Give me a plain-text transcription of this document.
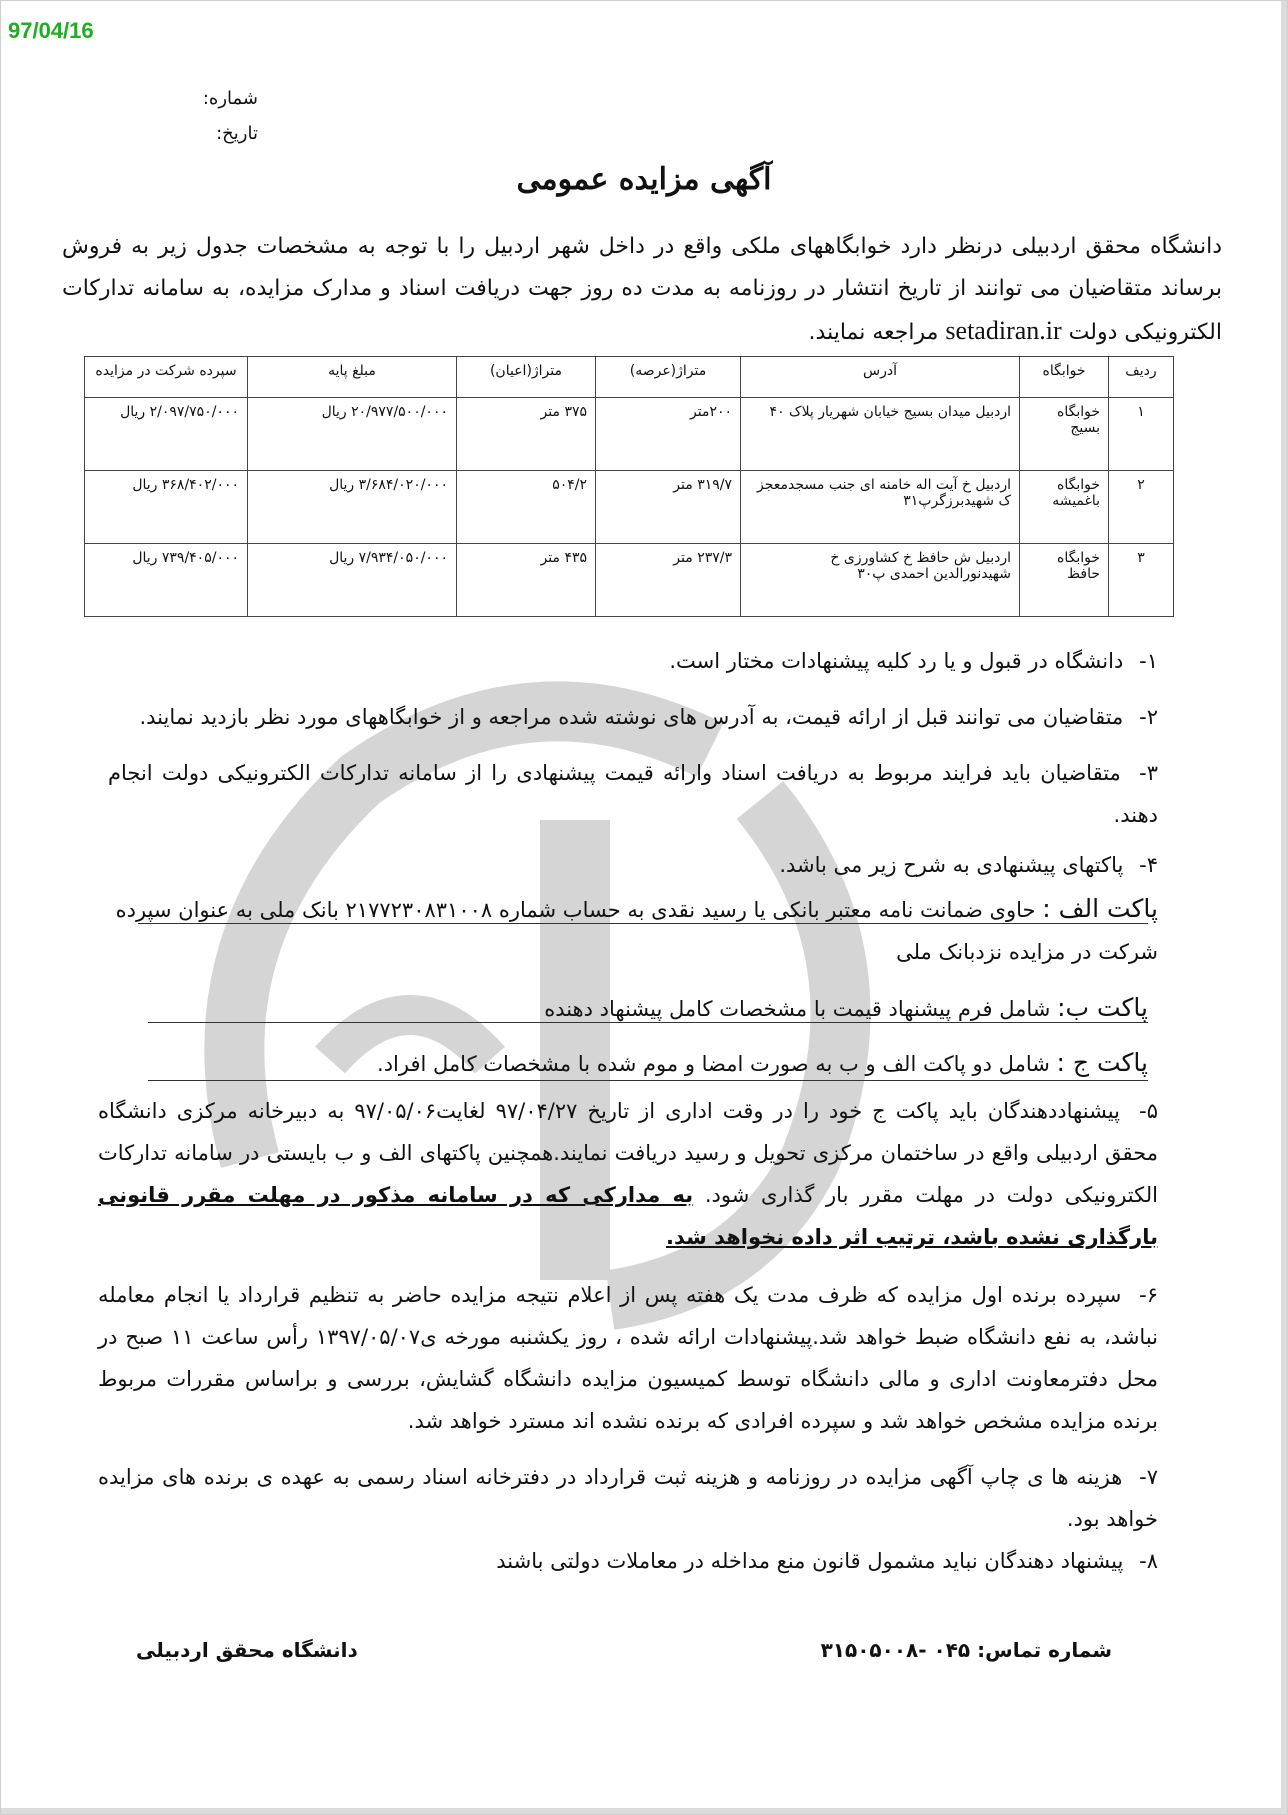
97/04/16
شماره:
تاریخ:
آگهی مزایده عمومی
دانشگاه محقق اردبیلی درنظر دارد خوابگاههای ملکی واقع در داخل شهر اردبیل را با توجه به مشخصات جدول زیر به فروش برساند متقاضیان می توانند از تاریخ انتشار در روزنامه به مدت ده روز جهت دریافت اسناد و مدارک مزایده، به سامانه تدارکات الکترونیکی دولت setadiran.ir مراجعه نمایند.
ردیف	خوابگاه	آدرس	متراژ(عرصه)	متراژ(اعیان)	مبلغ پایه	سپرده شرکت در مزایده
۱	خوابگاه بسیج	اردبیل میدان بسیج خیابان شهریار پلاک ۴۰	۲۰۰متر	۳۷۵ متر	۲۰/۹۷۷/۵۰۰/۰۰۰ ریال	۲/۰۹۷/۷۵۰/۰۰۰ ریال
۲	خوابگاه باغمیشه	اردبیل خ آیت اله خامنه ای جنب مسجدمعجز ک شهیدبرزگرپ۳۱	۳۱۹/۷ متر	۵۰۴/۲	۳/۶۸۴/۰۲۰/۰۰۰ ریال	۳۶۸/۴۰۲/۰۰۰ ریال
۳	خوابگاه حافظ	اردبیل ش حافظ خ کشاورزی خ شهیدنورالدین احمدی پ۳۰	۲۳۷/۳ متر	۴۳۵ متر	۷/۹۳۴/۰۵۰/۰۰۰ ریال	۷۳۹/۴۰۵/۰۰۰ ریال
۱- دانشگاه در قبول و یا رد کلیه پیشنهادات مختار است.
۲- متقاضیان می توانند قبل از ارائه قیمت، به آدرس های نوشته شده مراجعه و از خوابگاههای مورد نظر بازدید نمایند.
۳- متقاضیان باید فرایند مربوط به دریافت اسناد وارائه قیمت پیشنهادی را از سامانه تدارکات الکترونیکی دولت انجام دهند.
۴- پاکتهای پیشنهادی به شرح زیر می باشد.
پاکت الف : حاوی ضمانت نامه معتبر بانکی یا رسید نقدی به حساب شماره ۲۱۷۷۲۳۰۸۳۱۰۰۸ بانک ملی به عنوان سپرده شرکت در مزایده نزدبانک ملی
پاکت ب: شامل فرم پیشنهاد قیمت با مشخصات کامل پیشنهاد دهنده
پاکت ج : شامل دو پاکت الف و ب به صورت امضا و موم شده با مشخصات کامل افراد.
۵- پیشنهاددهندگان باید پاکت ج خود را در وقت اداری از تاریخ ۹۷/۰۴/۲۷ لغایت۹۷/۰۵/۰۶ به دبیرخانه مرکزی دانشگاه محقق اردبیلی واقع در ساختمان مرکزی تحویل و رسید دریافت نمایند.همچنین پاکتهای الف و ب بایستی در سامانه تدارکات الکترونیکی دولت در مهلت مقرر بار گذاری شود. به مدارکی که در سامانه مذکور در مهلت مقرر قانونی بارگذاری نشده باشد، ترتیب اثر داده نخواهد شد.
۶- سپرده برنده اول مزایده که ظرف مدت یک هفته پس از اعلام نتیجه مزایده حاضر به تنظیم قرارداد یا انجام معامله نباشد، به نفع دانشگاه ضبط خواهد شد.پیشنهادات ارائه شده ، روز یکشنبه مورخه ی۱۳۹۷/۰۵/۰۷ رأس ساعت ۱۱ صبح در محل دفترمعاونت اداری و مالی دانشگاه توسط کمیسیون مزایده دانشگاه گشایش، بررسی و براساس مقررات مربوط برنده مزایده مشخص خواهد شد و سپرده افرادی که برنده نشده اند مسترد خواهد شد.
۷- هزینه ها ی چاپ آگهی مزایده در روزنامه و هزینه ثبت قرارداد در دفترخانه اسناد رسمی به عهده ی برنده های مزایده خواهد بود.
۸- پیشنهاد دهندگان نباید مشمول قانون منع مداخله در معاملات دولتی باشند
شماره تماس: ۰۴۵ -۳۱۵۰۵۰۰۸
دانشگاه محقق اردبیلی
